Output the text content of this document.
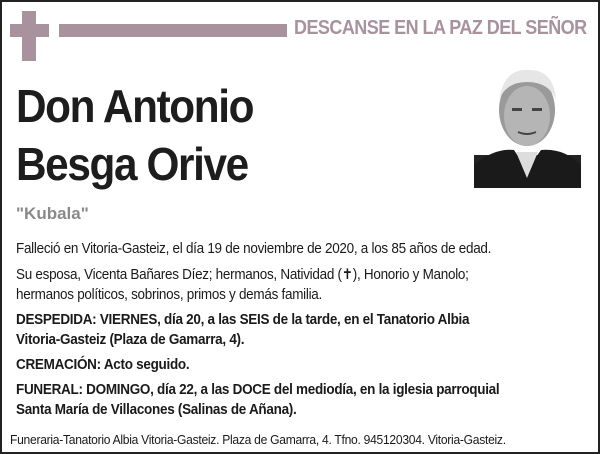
DESCANSE EN LA PAZ DEL SEÑOR
Don Antonio
Besga Orive
"Kubala"
Falleció en Vitoria-Gasteiz, el día 19 de noviembre de 2020, a los 85 años de edad.
Su esposa, Vicenta Bañares Díez; hermanos, Natividad (✝), Honorio y Manolo;
hermanos políticos, sobrinos, primos y demás familia.
DESPEDIDA: VIERNES, día 20, a las SEIS de la tarde, en el Tanatorio Albia
Vitoria-Gasteiz (Plaza de Gamarra, 4).
CREMACIÓN: Acto seguido.
FUNERAL: DOMINGO, día 22, a las DOCE del mediodía, en la iglesia parroquial
Santa María de Villacones (Salinas de Añana).
Funeraria-Tanatorio Albia Vitoria-Gasteiz. Plaza de Gamarra, 4. Tfno. 945120304. Vitoria-Gasteiz.
